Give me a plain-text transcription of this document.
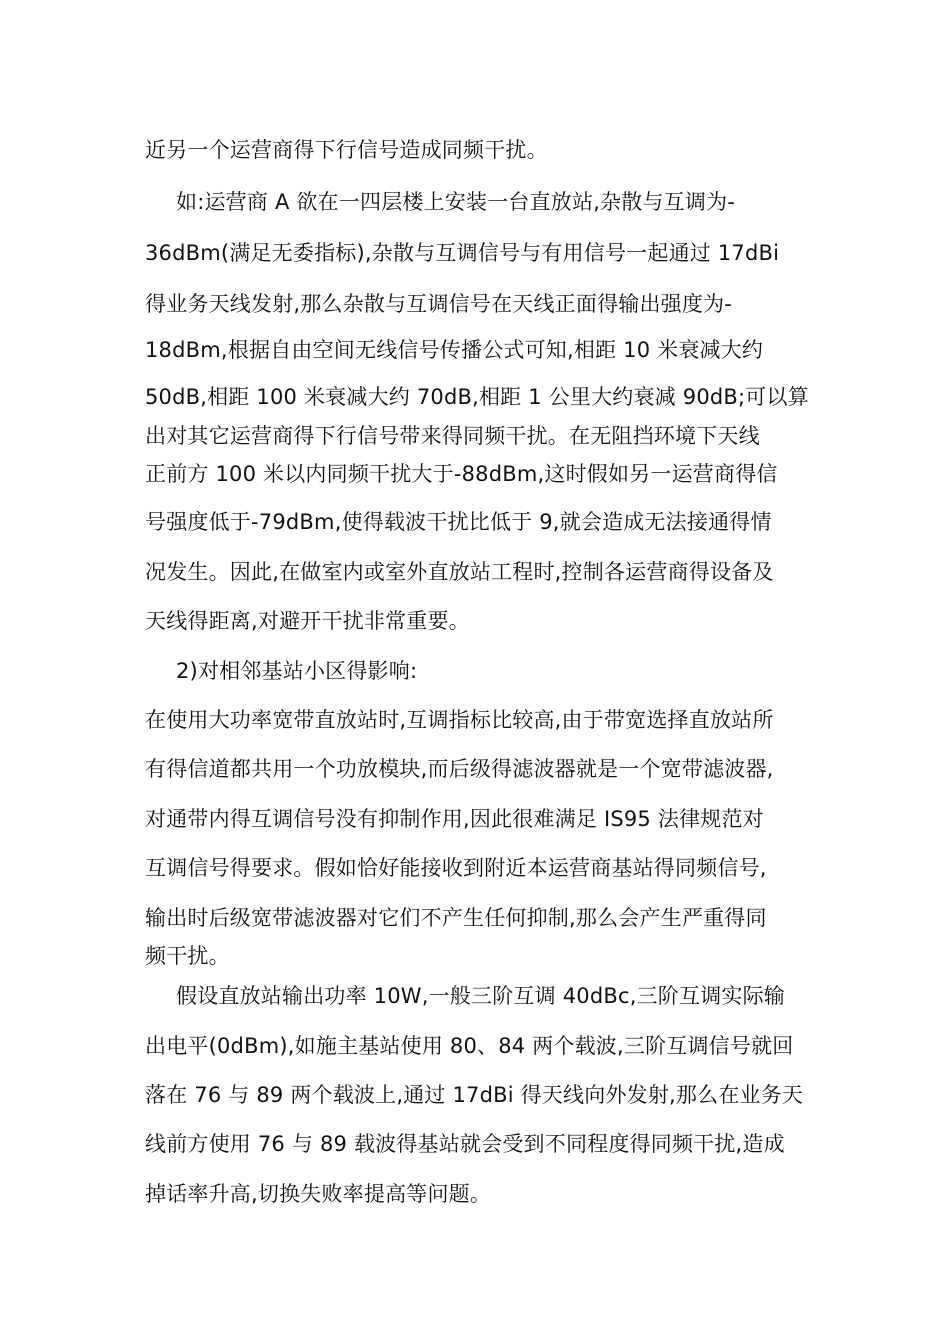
近另一个运营商得下行信号造成同频干扰。
如:运营商 A 欲在一四层楼上安装一台直放站,杂散与互调为-
36dBm(满足无委指标),杂散与互调信号与有用信号一起通过 17dBi
得业务天线发射,那么杂散与互调信号在天线正面得输出强度为-
18dBm,根据自由空间无线信号传播公式可知,相距 10 米衰减大约
50dB,相距 100 米衰减大约 70dB,相距 1 公里大约衰减 90dB;可以算
出对其它运营商得下行信号带来得同频干扰。在无阻挡环境下天线
正前方 100 米以内同频干扰大于-88dBm,这时假如另一运营商得信
号强度低于-79dBm,使得载波干扰比低于 9,就会造成无法接通得情
况发生。因此,在做室内或室外直放站工程时,控制各运营商得设备及
天线得距离,对避开干扰非常重要。
2)对相邻基站小区得影响:
在使用大功率宽带直放站时,互调指标比较高,由于带宽选择直放站所
有得信道都共用一个功放模块,而后级得滤波器就是一个宽带滤波器,
对通带内得互调信号没有抑制作用,因此很难满足 IS95 法律规范对
互调信号得要求。假如恰好能接收到附近本运营商基站得同频信号,
输出时后级宽带滤波器对它们不产生任何抑制,那么会产生严重得同
频干扰。
假设直放站输出功率 10W,一般三阶互调 40dBc,三阶互调实际输
出电平(0dBm),如施主基站使用 80、84 两个载波,三阶互调信号就回
落在 76 与 89 两个载波上,通过 17dBi 得天线向外发射,那么在业务天
线前方使用 76 与 89 载波得基站就会受到不同程度得同频干扰,造成
掉话率升高,切换失败率提高等问题。
